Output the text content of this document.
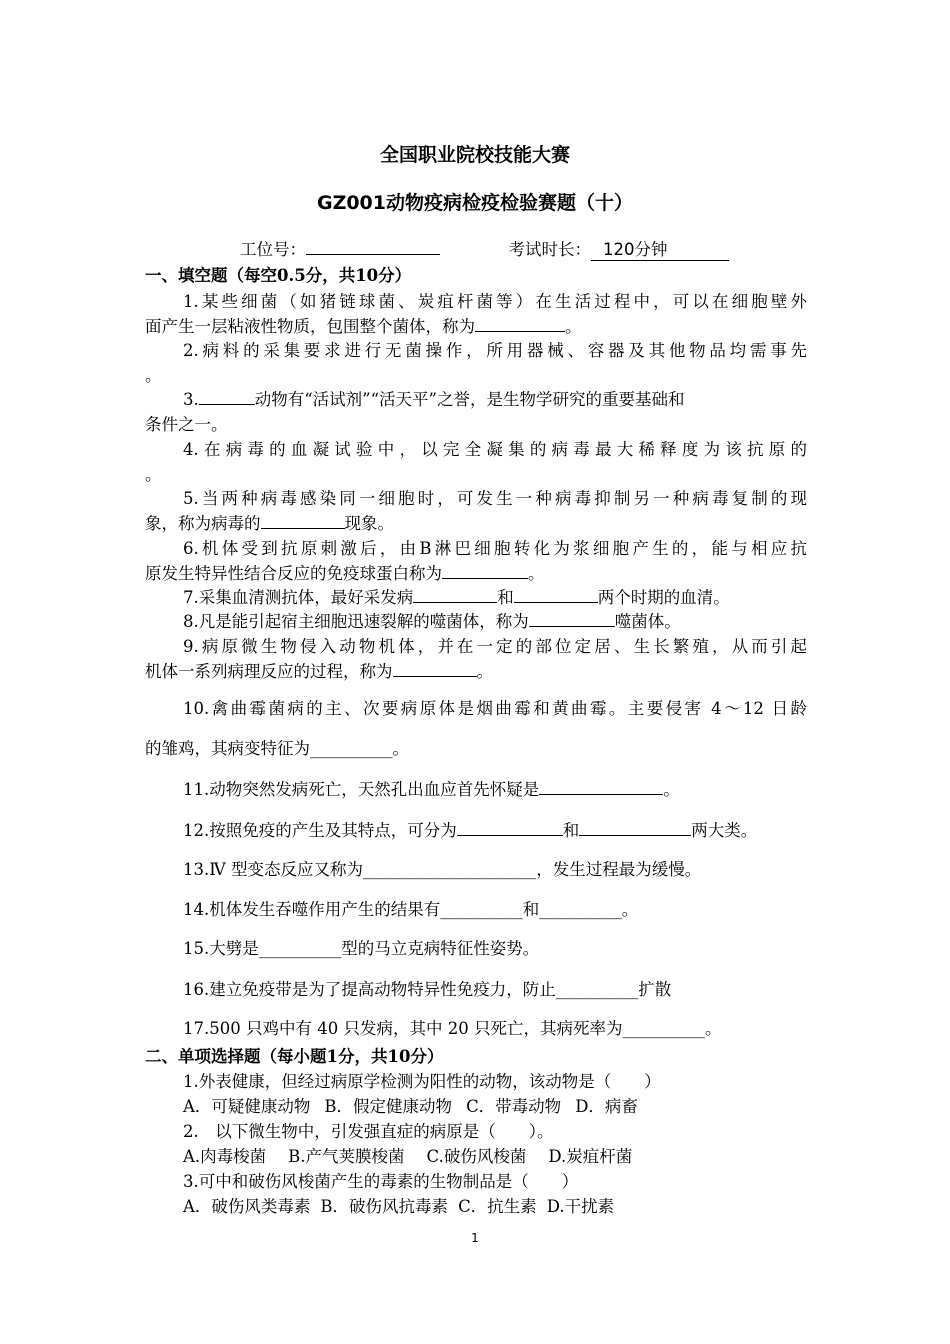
全国职业院校技能大赛
GZ001动物疫病检疫检验赛题（十）
工位号：	考试时长： 120分钟
一、填空题（每空0.5分，共10分）
1.某些细菌（如猪链球菌、炭疽杆菌等）在生活过程中，可以在细胞壁外
面产生一层粘液性物质，包围整个菌体，称为	。
2.病料的采集要求进行无菌操作，所用器械、容器及其他物品均需事先
。
3.	动物有“活试剂”“活天平”之誉，是生物学研究的重要基础和
条件之一。
4.在病毒的血凝试验中，以完全凝集的病毒最大稀释度为该抗原的
。
5.当两种病毒感染同一细胞时，可发生一种病毒抑制另一种病毒复制的现
象，称为病毒的	现象。
6.机体受到抗原刺激后，由B淋巴细胞转化为浆细胞产生的，能与相应抗
原发生特异性结合反应的免疫球蛋白称为	。
7.采集血清测抗体，最好采发病	和	两个时期的血清。
8.凡是能引起宿主细胞迅速裂解的噬菌体，称为	噬菌体。
9.病原微生物侵入动物机体，并在一定的部位定居、生长繁殖，从而引起
机体一系列病理反应的过程，称为	。
10.禽曲霉菌病的主、次要病原体是烟曲霉和黄曲霉。主要侵害 4～12 日龄
的雏鸡，其病变特征为__________。
11.动物突然发病死亡，天然孔出血应首先怀疑是	。
12.按照免疫的产生及其特点，可分为	和	两大类。
13.Ⅳ 型变态反应又称为_____________________，发生过程最为缓慢。
14.机体发生吞噬作用产生的结果有__________和__________。
15.大劈是__________型的马立克病特征性姿势。
16.建立免疫带是为了提高动物特异性免疫力，防止__________扩散
17.500 只鸡中有 40 只发病，其中 20 只死亡，其病死率为__________。
二、单项选择题（每小题1分，共10分）
1.外表健康，但经过病原学检测为阳性的动物，该动物是（　　）
A．可疑健康动物 B．假定健康动物 C．带毒动物 D．病畜
2.　以下微生物中，引发强直症的病原是（　　）。
A.肉毒梭菌 B.产气荚膜梭菌 C.破伤风梭菌 D.炭疽杆菌
3.可中和破伤风梭菌产生的毒素的生物制品是（　　）
A．破伤风类毒素 B．破伤风抗毒素 C．抗生素 D.干扰素
1
